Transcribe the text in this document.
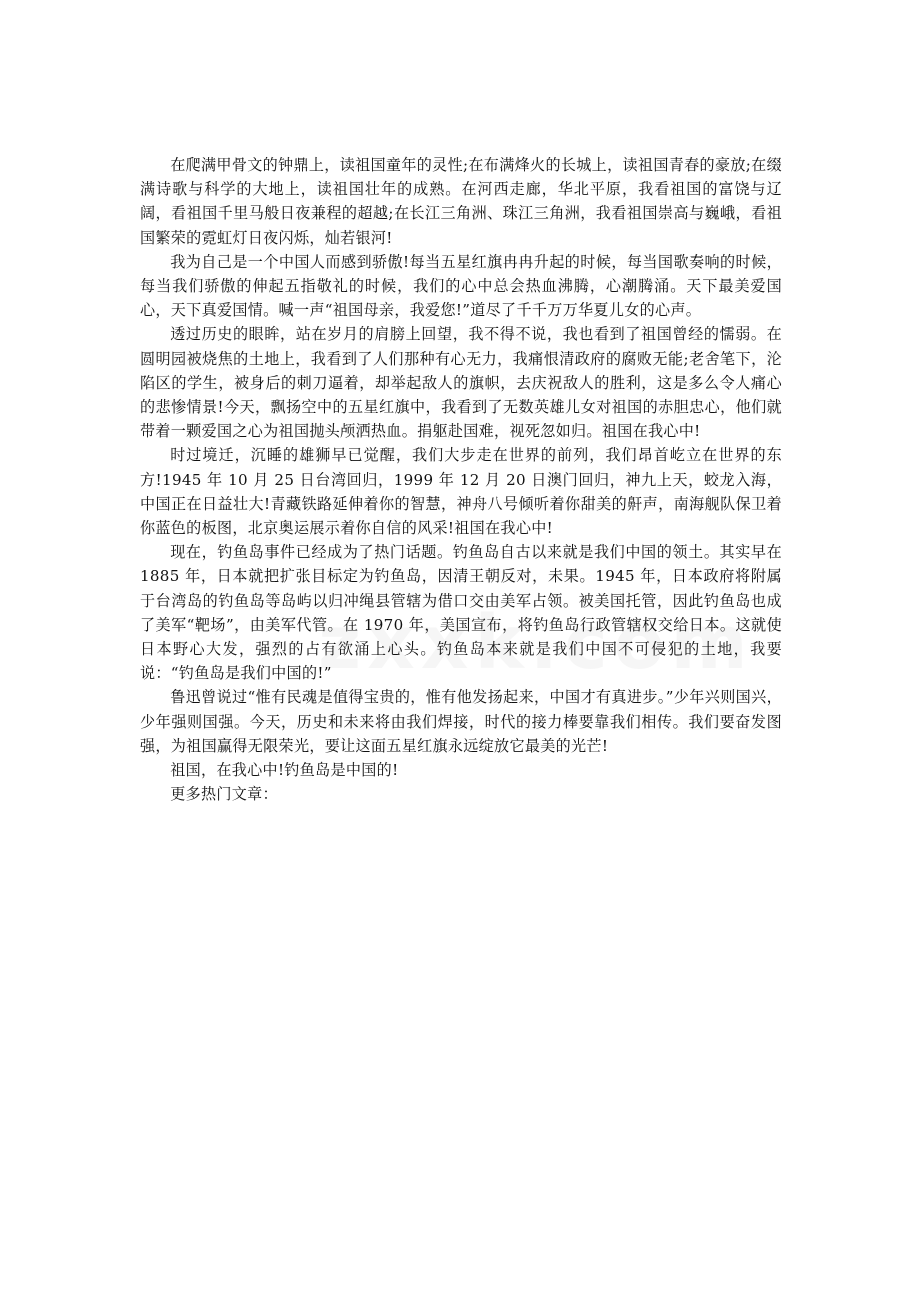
在爬满甲骨文的钟鼎上，读祖国童年的灵性;在布满烽火的长城上，读祖国青春的豪放;在缀满诗歌与科学的大地上，读祖国壮年的成熟。在河西走廊，华北平原，我看祖国的富饶与辽阔，看祖国千里马般日夜兼程的超越;在长江三角洲、珠江三角洲，我看祖国崇高与巍峨，看祖国繁荣的霓虹灯日夜闪烁，灿若银河!

我为自己是一个中国人而感到骄傲!每当五星红旗冉冉升起的时候，每当国歌奏响的时候，每当我们骄傲的伸起五指敬礼的时候，我们的心中总会热血沸腾，心潮腾涌。天下最美爱国心，天下真爱国情。喊一声“祖国母亲，我爱您!”道尽了千千万万华夏儿女的心声。

透过历史的眼眸，站在岁月的肩膀上回望，我不得不说，我也看到了祖国曾经的懦弱。在圆明园被烧焦的土地上，我看到了人们那种有心无力，我痛恨清政府的腐败无能;老舍笔下，沦陷区的学生，被身后的刺刀逼着，却举起敌人的旗帜，去庆祝敌人的胜利，这是多么令人痛心的悲惨情景!今天，飘扬空中的五星红旗中，我看到了无数英雄儿女对祖国的赤胆忠心，他们就带着一颗爱国之心为祖国抛头颅洒热血。捐躯赴国难，视死忽如归。祖国在我心中!

时过境迁，沉睡的雄狮早已觉醒，我们大步走在世界的前列，我们昂首屹立在世界的东方!1945 年 10 月 25 日台湾回归，1999 年 12 月 20 日澳门回归，神九上天，蛟龙入海，中国正在日益壮大!青藏铁路延伸着你的智慧，神舟八号倾听着你甜美的鼾声，南海舰队保卫着你蓝色的板图，北京奥运展示着你自信的风采!祖国在我心中!

现在，钓鱼岛事件已经成为了热门话题。钓鱼岛自古以来就是我们中国的领土。其实早在 1885 年，日本就把扩张目标定为钓鱼岛，因清王朝反对，未果。1945 年，日本政府将附属于台湾岛的钓鱼岛等岛屿以归冲绳县管辖为借口交由美军占领。被美国托管，因此钓鱼岛也成了美军“靶场”，由美军代管。在 1970 年，美国宣布，将钓鱼岛行政管辖权交给日本。这就使日本野心大发，强烈的占有欲涌上心头。钓鱼岛本来就是我们中国不可侵犯的土地，我要说：“钓鱼岛是我们中国的!”

鲁迅曾说过“惟有民魂是值得宝贵的，惟有他发扬起来，中国才有真进步。”少年兴则国兴，少年强则国强。今天，历史和未来将由我们焊接，时代的接力棒要靠我们相传。我们要奋发图强，为祖国赢得无限荣光，要让这面五星红旗永远绽放它最美的光芒!

祖国，在我心中!钓鱼岛是中国的!

更多热门文章：
